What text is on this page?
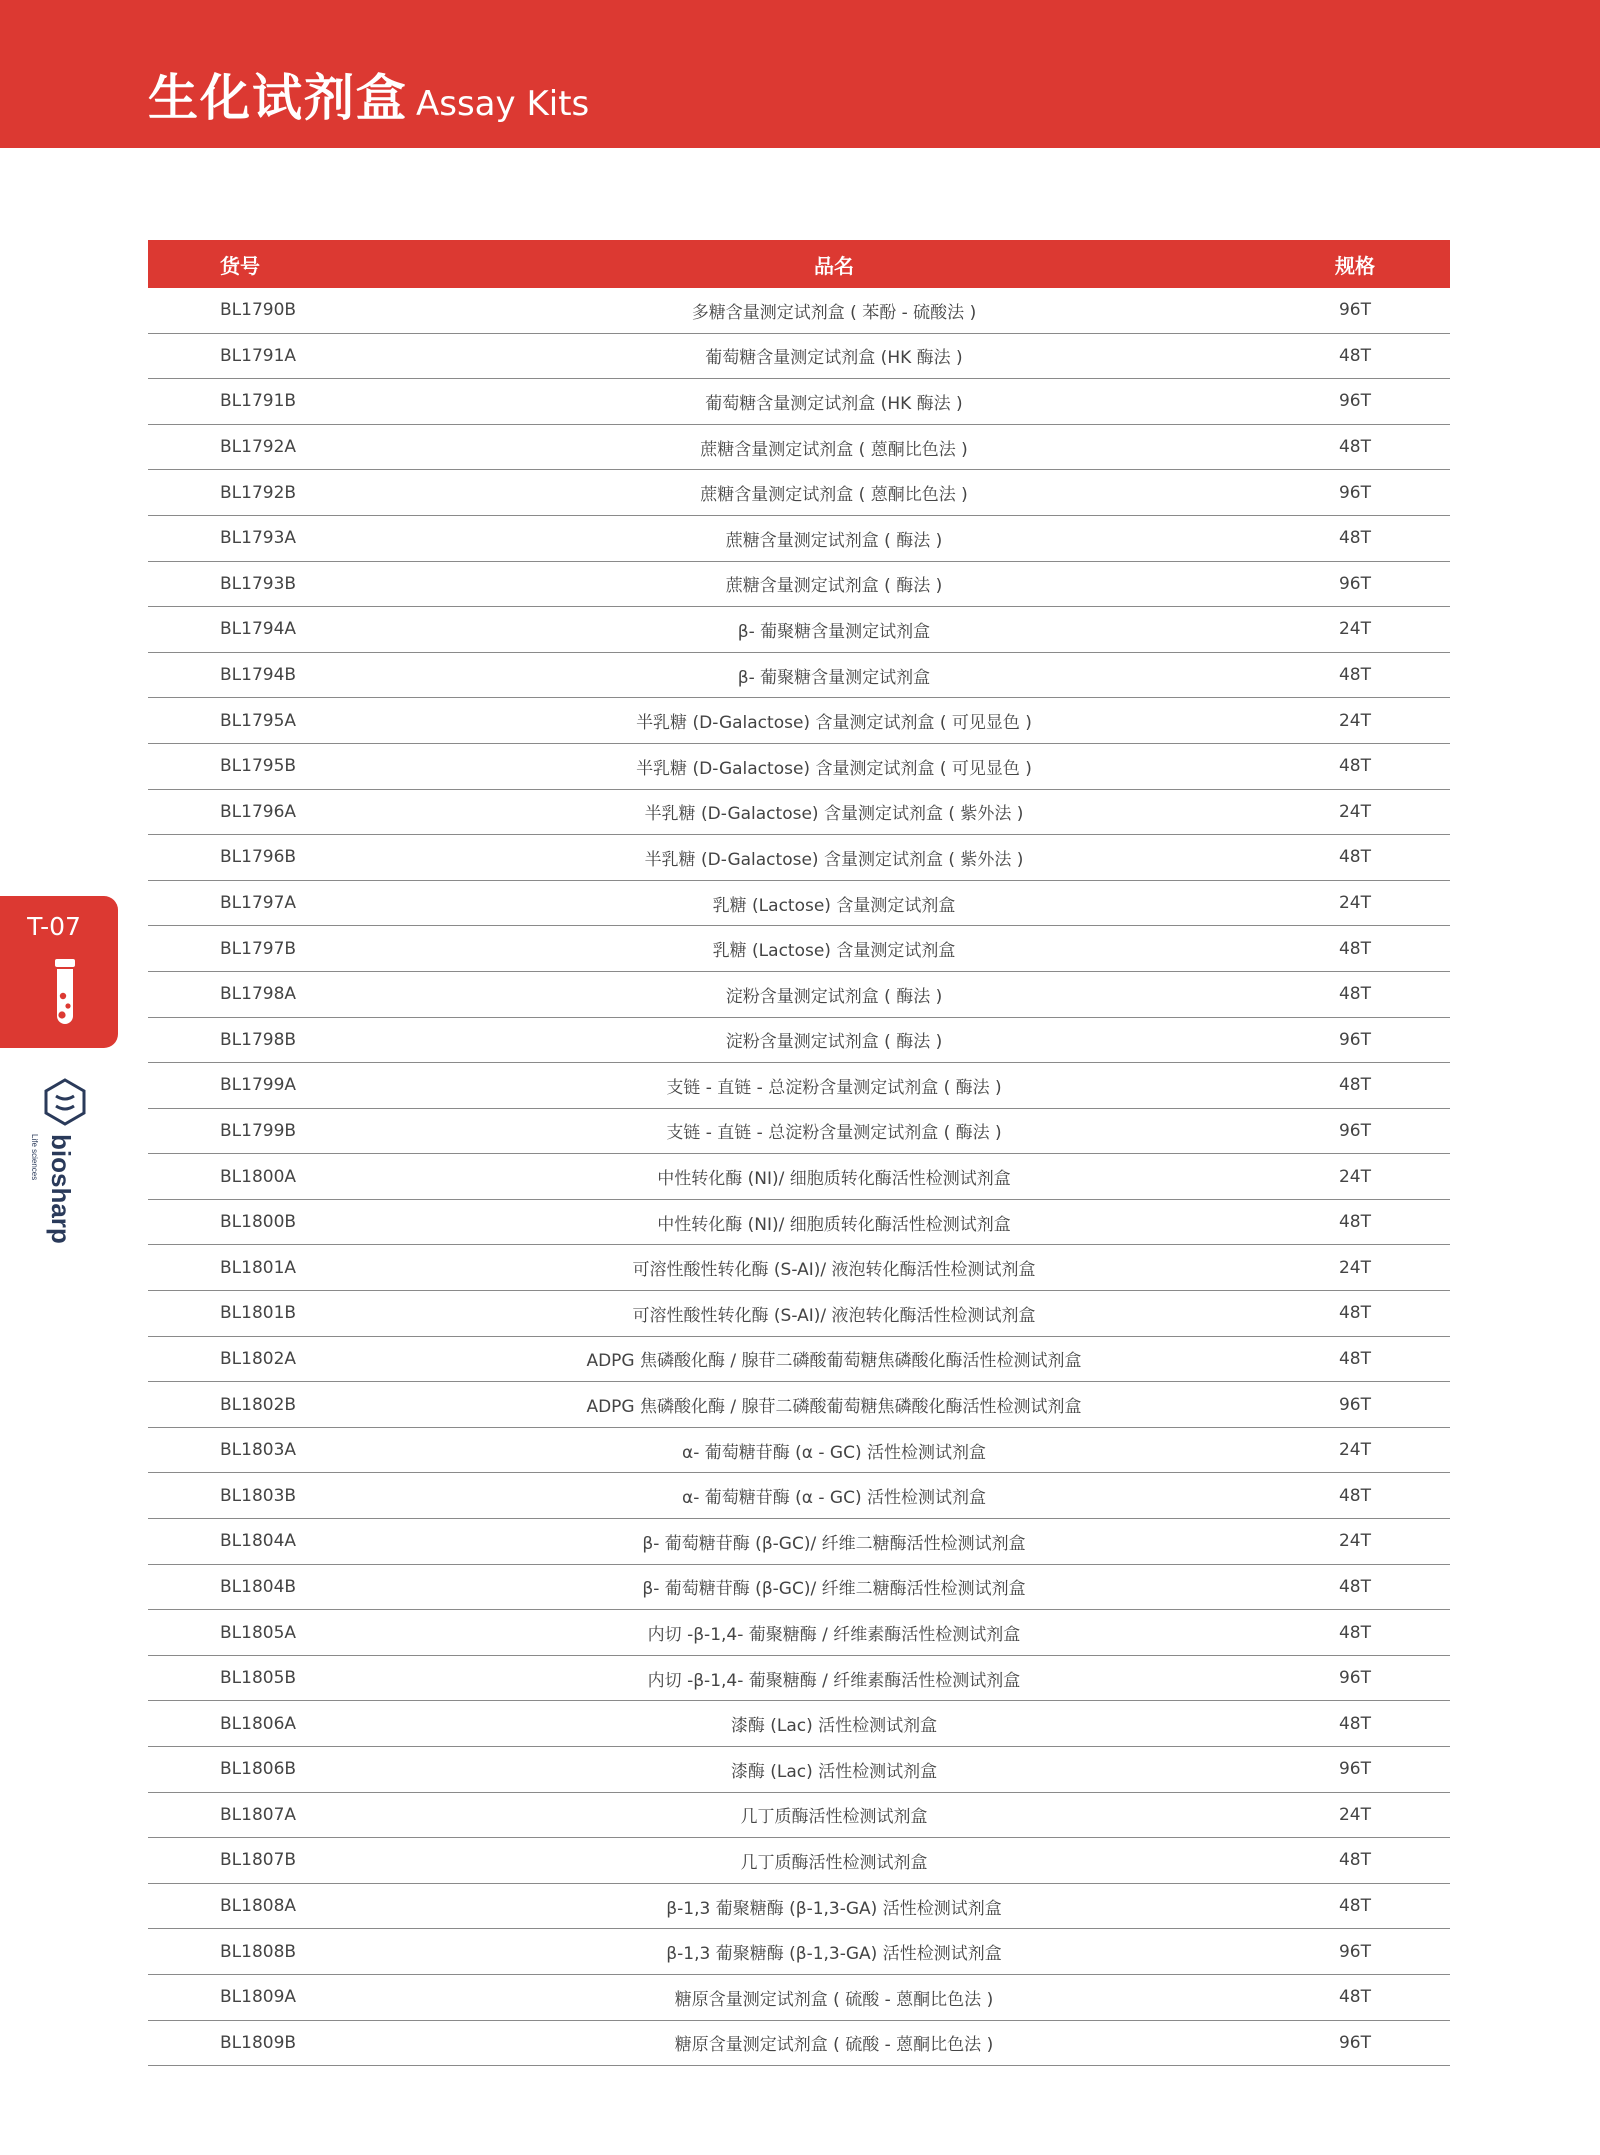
生化试剂盒 Assay Kits
货号	品名	规格
BL1790B	多糖含量测定试剂盒 ( 苯酚 - 硫酸法 )	96T
BL1791A	葡萄糖含量测定试剂盒 (HK 酶法 )	48T
BL1791B	葡萄糖含量测定试剂盒 (HK 酶法 )	96T
BL1792A	蔗糖含量测定试剂盒 ( 蒽酮比色法 )	48T
BL1792B	蔗糖含量测定试剂盒 ( 蒽酮比色法 )	96T
BL1793A	蔗糖含量测定试剂盒 ( 酶法 )	48T
BL1793B	蔗糖含量测定试剂盒 ( 酶法 )	96T
BL1794A	β- 葡聚糖含量测定试剂盒	24T
BL1794B	β- 葡聚糖含量测定试剂盒	48T
BL1795A	半乳糖 (D-Galactose) 含量测定试剂盒 ( 可见显色 )	24T
BL1795B	半乳糖 (D-Galactose) 含量测定试剂盒 ( 可见显色 )	48T
BL1796A	半乳糖 (D-Galactose) 含量测定试剂盒 ( 紫外法 )	24T
BL1796B	半乳糖 (D-Galactose) 含量测定试剂盒 ( 紫外法 )	48T
BL1797A	乳糖 (Lactose) 含量测定试剂盒	24T
BL1797B	乳糖 (Lactose) 含量测定试剂盒	48T
BL1798A	淀粉含量测定试剂盒 ( 酶法 )	48T
BL1798B	淀粉含量测定试剂盒 ( 酶法 )	96T
BL1799A	支链 - 直链 - 总淀粉含量测定试剂盒 ( 酶法 )	48T
BL1799B	支链 - 直链 - 总淀粉含量测定试剂盒 ( 酶法 )	96T
BL1800A	中性转化酶 (NI)/ 细胞质转化酶活性检测试剂盒	24T
BL1800B	中性转化酶 (NI)/ 细胞质转化酶活性检测试剂盒	48T
BL1801A	可溶性酸性转化酶 (S-AI)/ 液泡转化酶活性检测试剂盒	24T
BL1801B	可溶性酸性转化酶 (S-AI)/ 液泡转化酶活性检测试剂盒	48T
BL1802A	ADPG 焦磷酸化酶 / 腺苷二磷酸葡萄糖焦磷酸化酶活性检测试剂盒	48T
BL1802B	ADPG 焦磷酸化酶 / 腺苷二磷酸葡萄糖焦磷酸化酶活性检测试剂盒	96T
BL1803A	α- 葡萄糖苷酶 (α - GC) 活性检测试剂盒	24T
BL1803B	α- 葡萄糖苷酶 (α - GC) 活性检测试剂盒	48T
BL1804A	β- 葡萄糖苷酶 (β-GC)/ 纤维二糖酶活性检测试剂盒	24T
BL1804B	β- 葡萄糖苷酶 (β-GC)/ 纤维二糖酶活性检测试剂盒	48T
BL1805A	内切 -β-1,4- 葡聚糖酶 / 纤维素酶活性检测试剂盒	48T
BL1805B	内切 -β-1,4- 葡聚糖酶 / 纤维素酶活性检测试剂盒	96T
BL1806A	漆酶 (Lac) 活性检测试剂盒	48T
BL1806B	漆酶 (Lac) 活性检测试剂盒	96T
BL1807A	几丁质酶活性检测试剂盒	24T
BL1807B	几丁质酶活性检测试剂盒	48T
BL1808A	β-1,3 葡聚糖酶 (β-1,3-GA) 活性检测试剂盒	48T
BL1808B	β-1,3 葡聚糖酶 (β-1,3-GA) 活性检测试剂盒	96T
BL1809A	糖原含量测定试剂盒 ( 硫酸 - 蒽酮比色法 )	48T
BL1809B	糖原含量测定试剂盒 ( 硫酸 - 蒽酮比色法 )	96T
T-07
biosharp
Life sciences
